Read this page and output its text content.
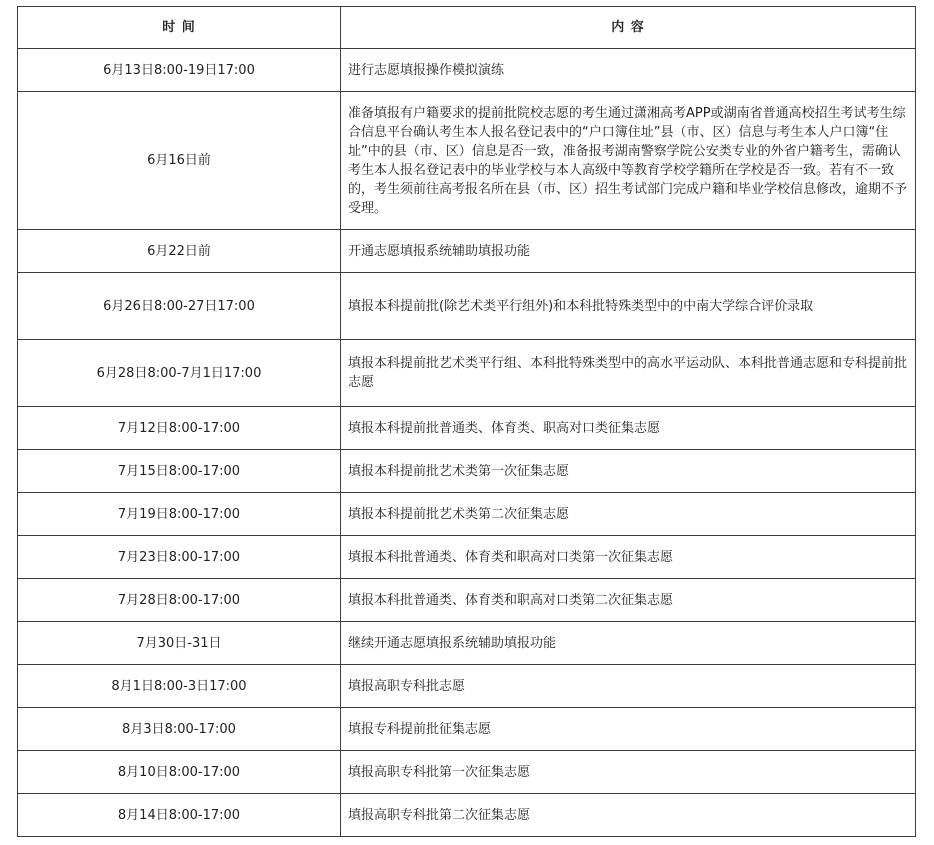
时 间	内 容
6月13日8:00-19日17:00	进行志愿填报操作模拟演练
6月16日前	准备填报有户籍要求的提前批院校志愿的考生通过潇湘高考APP或湖南省普通高校招生考试考生综合信息平台确认考生本人报名登记表中的“户口簿住址”县（市、区）信息与考生本人户口簿“住址”中的县（市、区）信息是否一致，准备报考湖南警察学院公安类专业的外省户籍考生，需确认考生本人报名登记表中的毕业学校与本人高级中等教育学校学籍所在学校是否一致。若有不一致的，考生须前往高考报名所在县（市、区）招生考试部门完成户籍和毕业学校信息修改，逾期不予受理。
6月22日前	开通志愿填报系统辅助填报功能
6月26日8:00-27日17:00	填报本科提前批(除艺术类平行组外)和本科批特殊类型中的中南大学综合评价录取
6月28日8:00-7月1日17:00	填报本科提前批艺术类平行组、本科批特殊类型中的高水平运动队、本科批普通志愿和专科提前批志愿
7月12日8:00-17:00	填报本科提前批普通类、体育类、职高对口类征集志愿
7月15日8:00-17:00	填报本科提前批艺术类第一次征集志愿
7月19日8:00-17:00	填报本科提前批艺术类第二次征集志愿
7月23日8:00-17:00	填报本科批普通类、体育类和职高对口类第一次征集志愿
7月28日8:00-17:00	填报本科批普通类、体育类和职高对口类第二次征集志愿
7月30日-31日	继续开通志愿填报系统辅助填报功能
8月1日8:00-3日17:00	填报高职专科批志愿
8月3日8:00-17:00	填报专科提前批征集志愿
8月10日8:00-17:00	填报高职专科批第一次征集志愿
8月14日8:00-17:00	填报高职专科批第二次征集志愿
